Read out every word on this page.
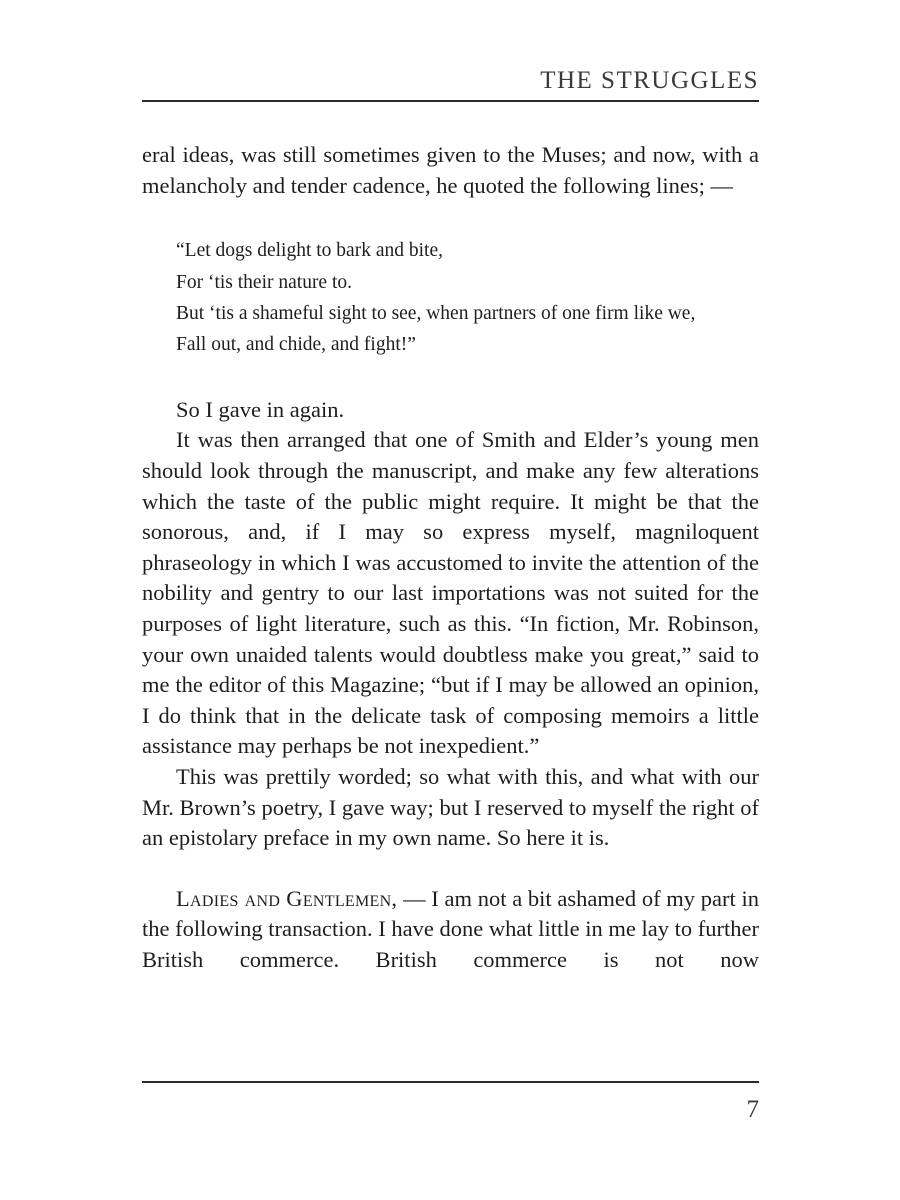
THE STRUGGLES

eral ideas, was still sometimes given to the Muses; and now, with a melancholy and tender cadence, he quoted the following lines; —

“Let dogs delight to bark and bite,
For ‘tis their nature to.
But ‘tis a shameful sight to see, when partners of one firm like we,
Fall out, and chide, and fight!”

So I gave in again.

It was then arranged that one of Smith and Elder’s young men should look through the manuscript, and make any few alterations which the taste of the public might require. It might be that the sonorous, and, if I may so express myself, magniloquent phraseology in which I was accustomed to invite the attention of the nobility and gentry to our last importations was not suited for the purposes of light literature, such as this. “In fiction, Mr. Robinson, your own unaided talents would doubtless make you great,” said to me the editor of this Magazine; “but if I may be allowed an opinion, I do think that in the delicate task of composing memoirs a little assistance may perhaps be not inexpedient.”

This was prettily worded; so what with this, and what with our Mr. Brown’s poetry, I gave way; but I reserved to myself the right of an epistolary preface in my own name. So here it is.

Ladies and Gentlemen, — I am not a bit ashamed of my part in the following transaction. I have done what little in me lay to further British commerce. British commerce is not now

7
